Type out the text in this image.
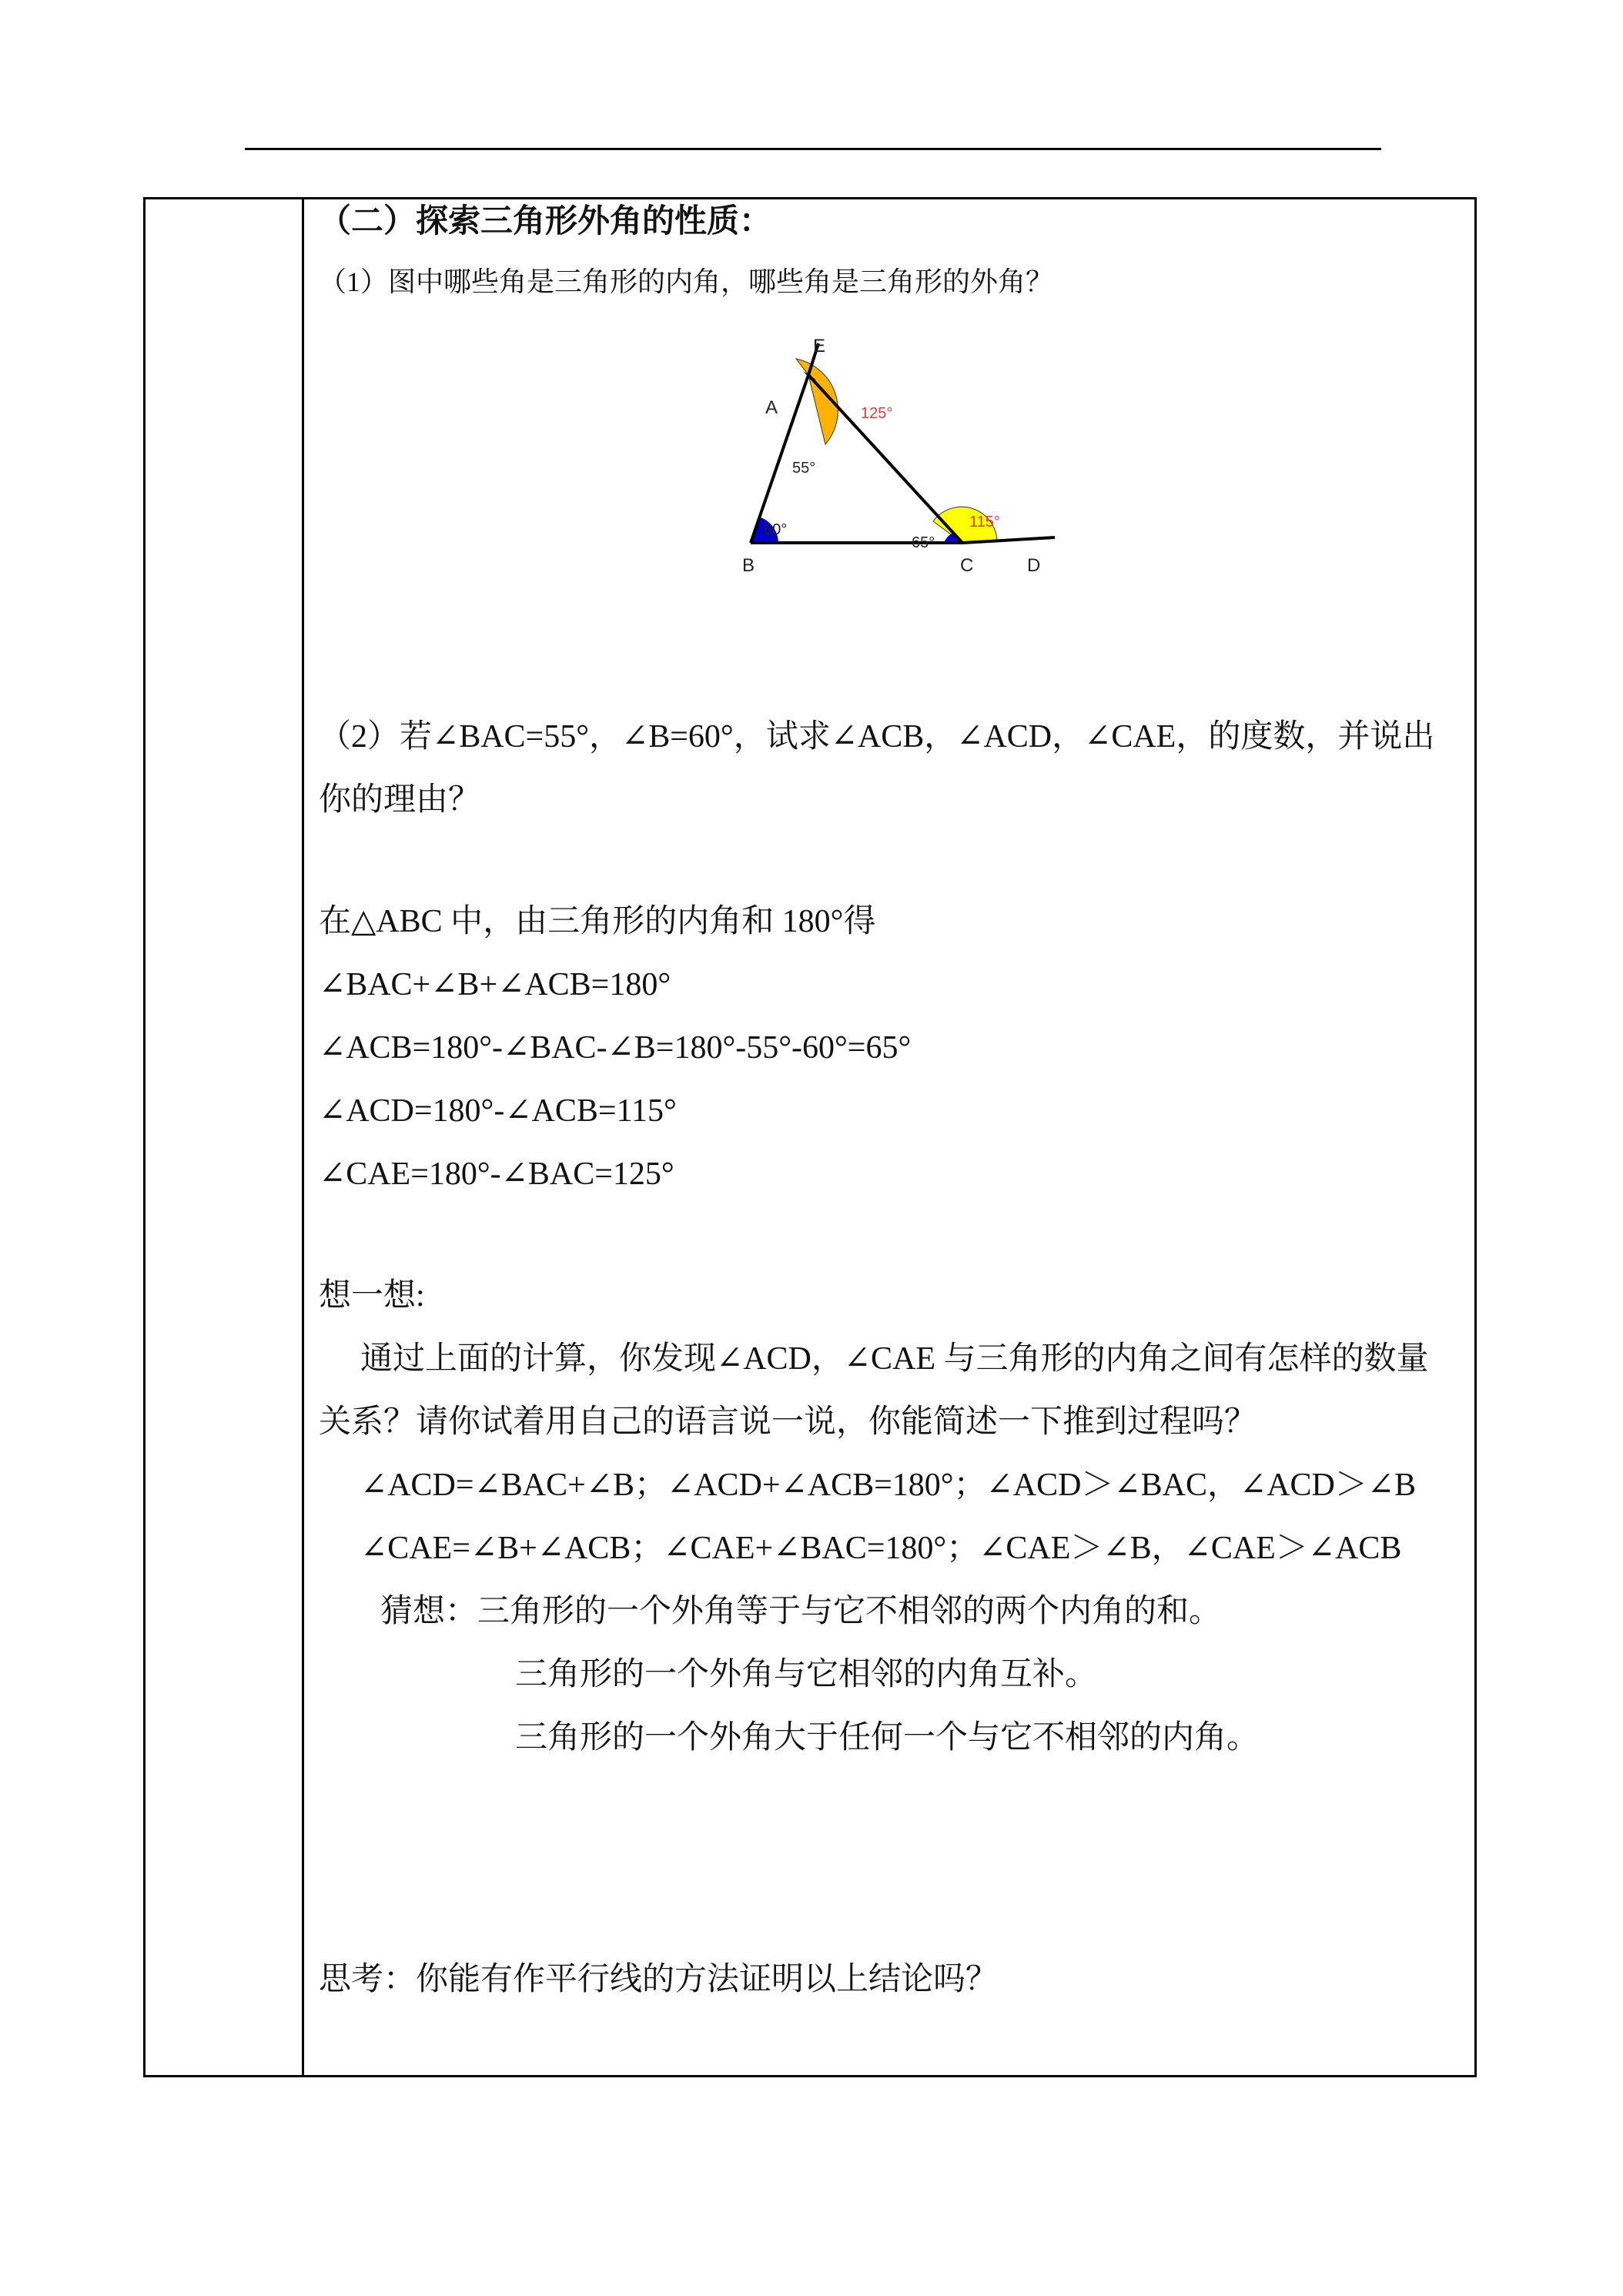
（二）探索三角形外角的性质：
（1）图中哪些角是三角形的内角，哪些角是三角形的外角？
（2）若∠BAC=55°，∠B=60°，试求∠ACB，∠ACD，∠CAE，的度数，并说出
你的理由？
在△ABC 中，由三角形的内角和 180°得
∠BAC+∠B+∠ACB=180°
∠ACB=180°-∠BAC-∠B=180°-55°-60°=65°
∠ACD=180°-∠ACB=115°
∠CAE=180°-∠BAC=125°
想一想:
通过上面的计算，你发现∠ACD，∠CAE 与三角形的内角之间有怎样的数量
关系？请你试着用自己的语言说一说，你能简述一下推到过程吗？
∠ACD=∠BAC+∠B；∠ACD+∠ACB=180°；∠ACD＞∠BAC，∠ACD＞∠B
∠CAE=∠B+∠ACB；∠CAE+∠BAC=180°；∠CAE＞∠B，∠CAE＞∠ACB
猜想：三角形的一个外角等于与它不相邻的两个内角的和。
三角形的一个外角与它相邻的内角互补。
三角形的一个外角大于任何一个与它不相邻的内角。
思考：你能有作平行线的方法证明以上结论吗？
E
A
B	C	D
125°
55°
60°
65°
115°
